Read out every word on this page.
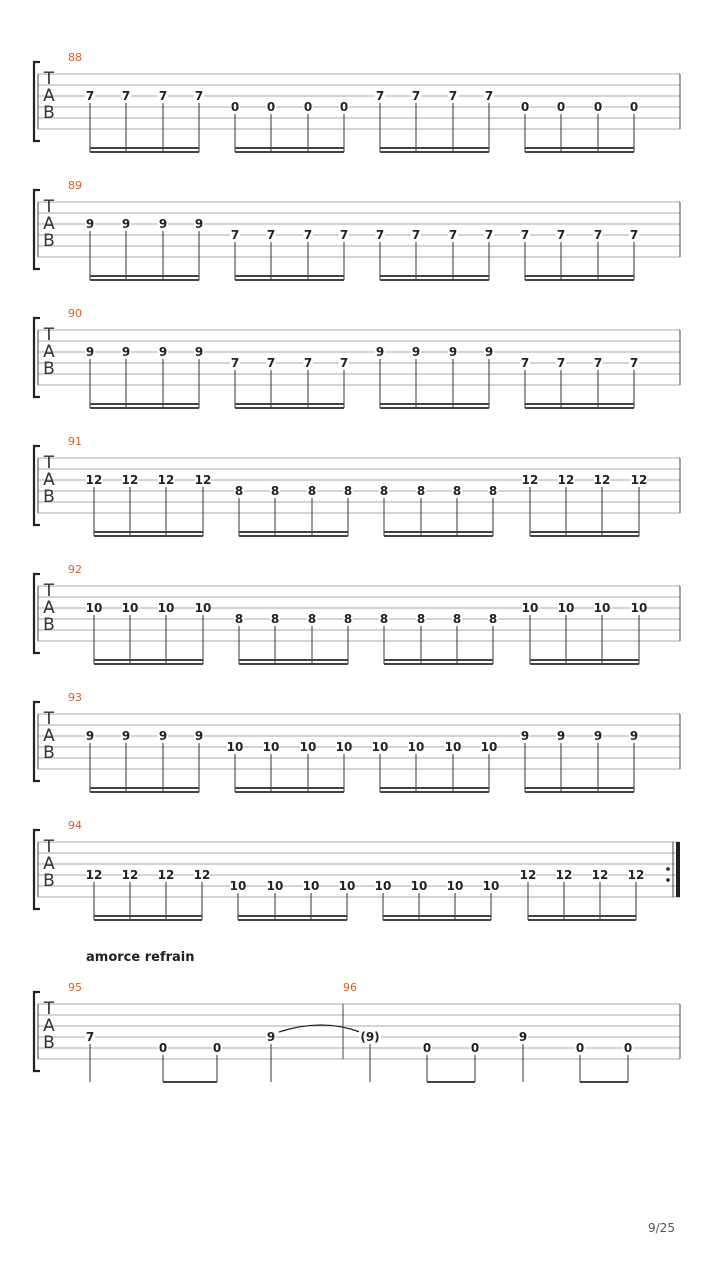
T
A
B
88
7 7 7 7
0 0 0 0
7 7 7 7
0 0 0 0
T
A
B
89
9 9 9 9
7 7 7 7 7 7 7 7 7 7 7 7
T
A
B
90
9 9 9 9
7 7 7 7
9 9 9 9
7 7 7 7
T
A
B
91
12 12 12 12
8 8 8 8 8 8 8 8
12 12 12 12
T
A
B
92
10 10 10 10
8 8 8 8 8 8 8 8
10 10 10 10
T
A
B
93
9 9 9 9
10 10 10 10 10 10 10 10
9 9 9 9
T
A
B
94
12 12 12 12
10 10 10 10 10 10 10 10
12 12 12 12
T
A
B
95	96
7
0	0
9	(9)
0	0
9
0	0
amorce refrain
9/25
